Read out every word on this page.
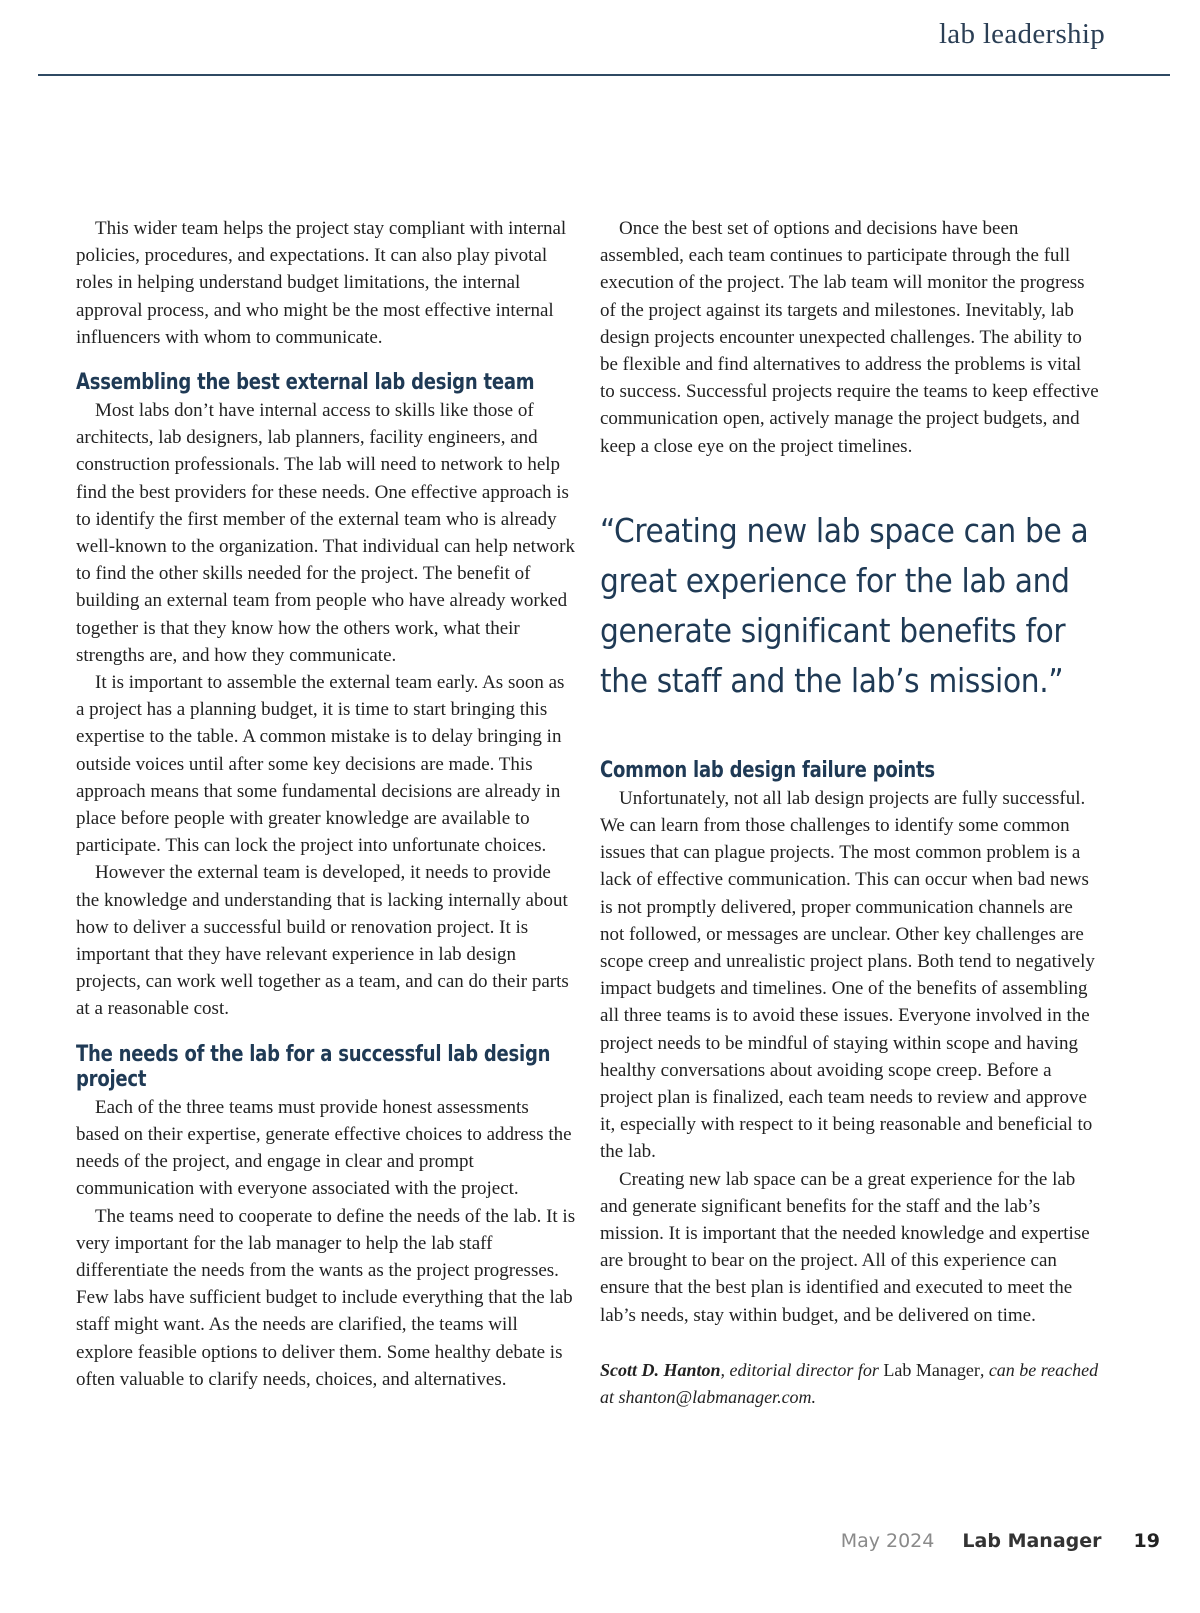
lab leadership

This wider team helps the project stay compliant with internal policies, procedures, and expectations. It can also play pivotal roles in helping understand budget limitations, the internal approval process, and who might be the most effective internal influencers with whom to communicate.

Assembling the best external lab design team

Most labs don’t have internal access to skills like those of architects, lab designers, lab planners, facility engineers, and construction professionals. The lab will need to network to help find the best providers for these needs. One effective approach is to identify the first member of the external team who is already well-known to the organization. That individual can help network to find the other skills needed for the project. The benefit of building an external team from people who have already worked together is that they know how the others work, what their strengths are, and how they communicate.

It is important to assemble the external team early. As soon as a project has a planning budget, it is time to start bringing this expertise to the table. A common mistake is to delay bringing in outside voices until after some key decisions are made. This approach means that some fundamental decisions are already in place before people with greater knowledge are available to participate. This can lock the project into unfortunate choices.

However the external team is developed, it needs to provide the knowledge and understanding that is lacking internally about how to deliver a successful build or renovation project. It is important that they have relevant experience in lab design projects, can work well together as a team, and can do their parts at a reasonable cost.

The needs of the lab for a successful lab design project

Each of the three teams must provide honest assessments based on their expertise, generate effective choices to address the needs of the project, and engage in clear and prompt communication with everyone associated with the project.

The teams need to cooperate to define the needs of the lab. It is very important for the lab manager to help the lab staff differentiate the needs from the wants as the project progresses. Few labs have sufficient budget to include everything that the lab staff might want. As the needs are clarified, the teams will explore feasible options to deliver them. Some healthy debate is often valuable to clarify needs, choices, and alternatives.

Once the best set of options and decisions have been assembled, each team continues to participate through the full execution of the project. The lab team will monitor the progress of the project against its targets and milestones. Inevitably, lab design projects encounter unexpected challenges. The ability to be flexible and find alternatives to address the problems is vital to success. Successful projects require the teams to keep effective communication open, actively manage the project budgets, and keep a close eye on the project timelines.

“Creating new lab space can be a great experience for the lab and generate significant benefits for the staff and the lab’s mission.”
Common lab design failure points

Unfortunately, not all lab design projects are fully successful. We can learn from those challenges to identify some common issues that can plague projects. The most common problem is a lack of effective communication. This can occur when bad news is not promptly delivered, proper communication channels are not followed, or messages are unclear. Other key challenges are scope creep and unrealistic project plans. Both tend to negatively impact budgets and timelines. One of the benefits of assembling all three teams is to avoid these issues. Everyone involved in the project needs to be mindful of staying within scope and having healthy conversations about avoiding scope creep. Before a project plan is finalized, each team needs to review and approve it, especially with respect to it being reasonable and beneficial to the lab.

Creating new lab space can be a great experience for the lab and generate significant benefits for the staff and the lab’s mission. It is important that the needed knowledge and expertise are brought to bear on the project. All of this experience can ensure that the best plan is identified and executed to meet the lab’s needs, stay within budget, and be delivered on time.

Scott D. Hanton, editorial director for Lab Manager, can be reached at shanton@labmanager.com.
May 2024 Lab Manager 19
